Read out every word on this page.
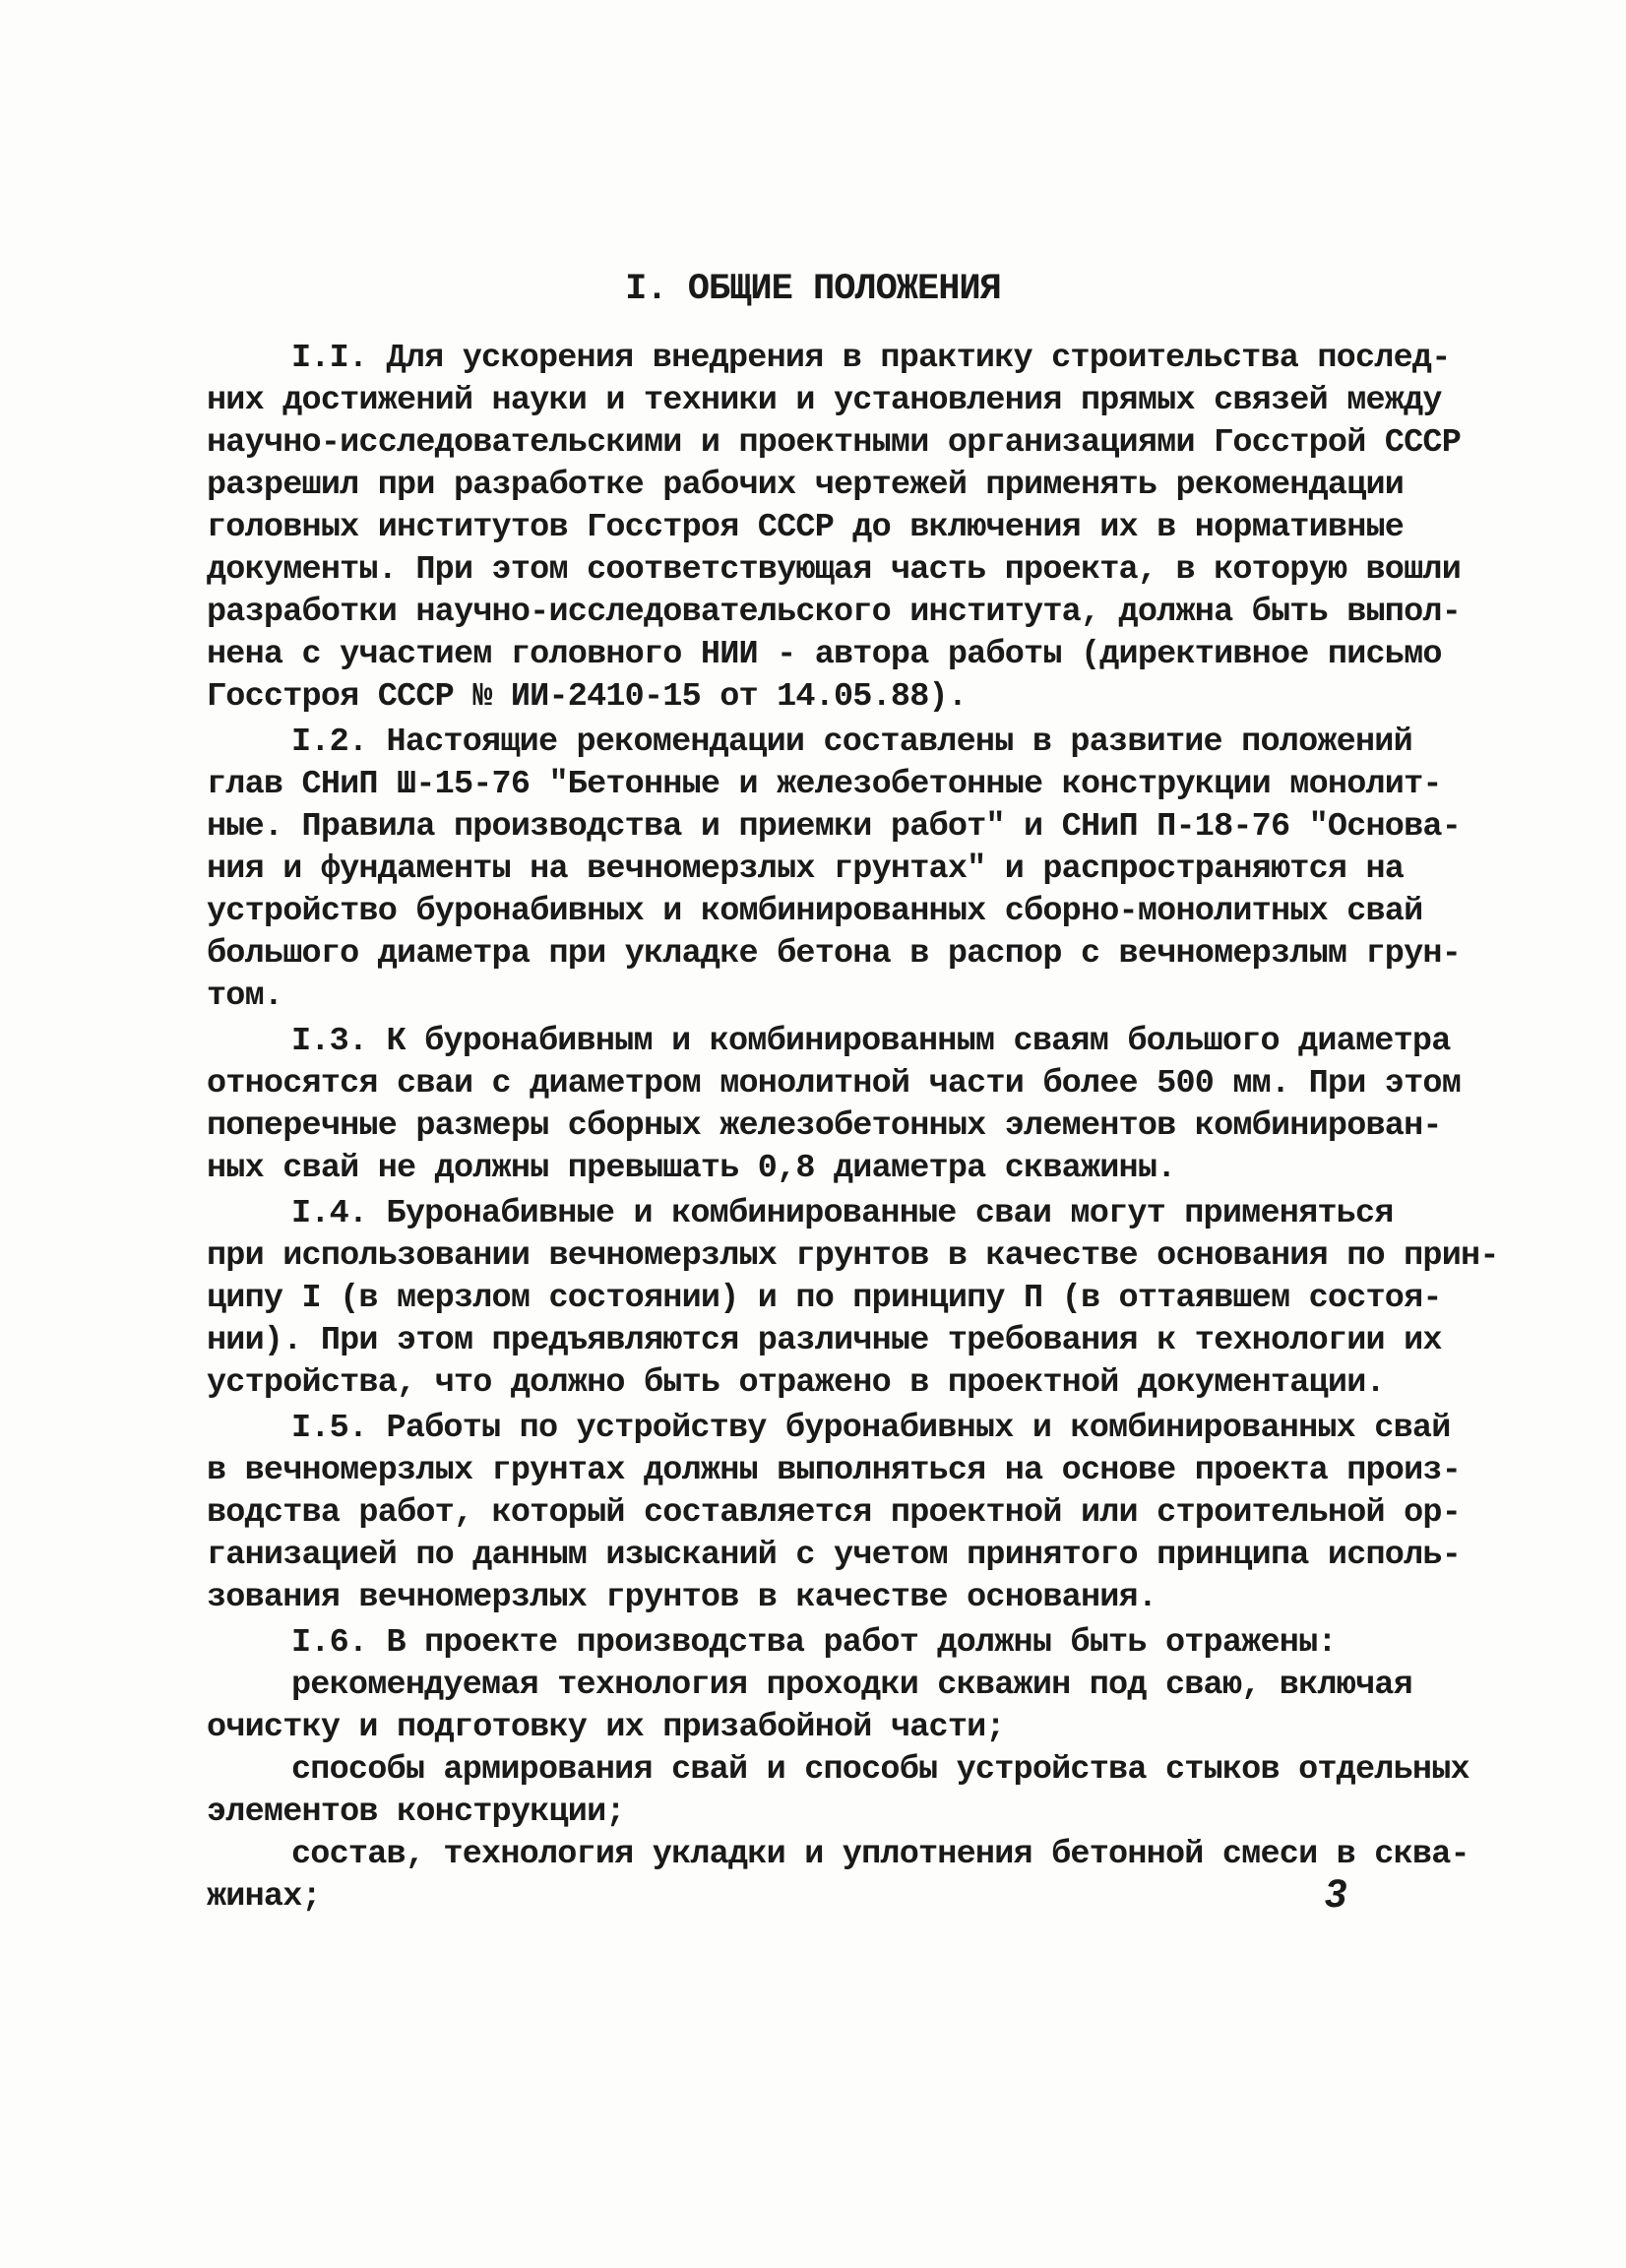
I. ОБЩИЕ ПОЛОЖЕНИЯ
I.I. Для ускорения внедрения в практику строительства послед-
них достижений науки и техники и установления прямых связей между
научно-исследовательскими и проектными организациями Госстрой СССР
разрешил при разработке рабочих чертежей применять рекомендации
головных институтов Госстроя СССР до включения их в нормативные
документы. При этом соответствующая часть проекта, в которую вошли
разработки научно-исследовательского института, должна быть выпол-
нена с участием головного НИИ - автора работы (директивное письмо
Госстроя СССР № ИИ-2410-15 от 14.05.88).
I.2. Настоящие рекомендации составлены в развитие положений
глав СНиП Ш-15-76 "Бетонные и железобетонные конструкции монолит-
ные. Правила производства и приемки работ" и СНиП П-18-76 "Основа-
ния и фундаменты на вечномерзлых грунтах" и распространяются на
устройство буронабивных и комбинированных сборно-монолитных свай
большого диаметра при укладке бетона в распор с вечномерзлым грун-
том.
I.3. К буронабивным и комбинированным сваям большого диаметра
относятся сваи с диаметром монолитной части более 500 мм. При этом
поперечные размеры сборных железобетонных элементов комбинирован-
ных свай не должны превышать 0,8 диаметра скважины.
I.4. Буронабивные и комбинированные сваи могут применяться
при использовании вечномерзлых грунтов в качестве основания по прин-
ципу I (в мерзлом состоянии) и по принципу П (в оттаявшем состоя-
нии). При этом предъявляются различные требования к технологии их
устройства, что должно быть отражено в проектной документации.
I.5. Работы по устройству буронабивных и комбинированных свай
в вечномерзлых грунтах должны выполняться на основе проекта произ-
водства работ, который составляется проектной или строительной ор-
ганизацией по данным изысканий с учетом принятого принципа исполь-
зования вечномерзлых грунтов в качестве основания.
I.6. В проекте производства работ должны быть отражены:
рекомендуемая технология проходки скважин под сваю, включая
очистку и подготовку их призабойной части;
способы армирования свай и способы устройства стыков отдельных
элементов конструкции;
состав, технология укладки и уплотнения бетонной смеси в сква-
жинах;	3
